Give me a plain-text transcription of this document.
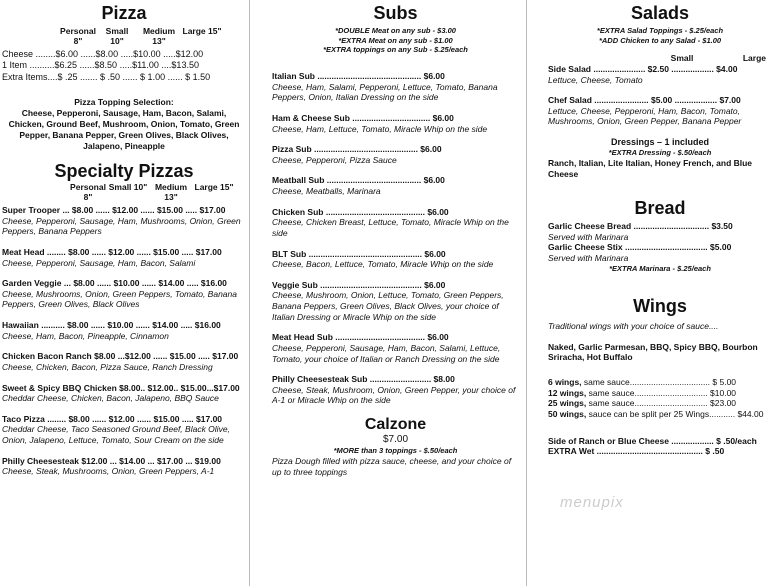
Pizza
Personal 8"
Small 10"
Medium 13"
Large 15"
Cheese ........$6.00 ......$8.00 .....$10.00 .....$12.00
1 Item ..........$6.25 ......$8.50 .....$11.00 ....$13.50
Extra Items....$ .25 ....... $ .50 ...... $ 1.00 ...... $ 1.50
Pizza Topping Selection:
Cheese, Pepperoni, Sausage, Ham, Bacon, Salami, Chicken, Ground Beef, Mushroom, Onion, Tomato, Green Pepper, Banana Pepper, Green Olives, Black Olives, Jalapeno, Pineapple
Specialty Pizzas
Personal 8"
Small 10" Medium 13"
Large 15"
Super Trooper ... $8.00 ...... $12.00 ...... $15.00 ..... $17.00
Cheese, Pepperoni, Sausage, Ham, Mushrooms, Onion, Green Peppers, Banana Peppers
Meat Head ........ $8.00 ...... $12.00 ...... $15.00 ..... $17.00
Cheese, Pepperoni, Sausage, Ham, Bacon, Salami
Garden Veggie ... $8.00 ...... $10.00 ...... $14.00 ..... $16.00
Cheese, Mushrooms, Onion, Green Peppers, Tomato, Banana Peppers, Green Olives, Black Olives
Hawaiian .......... $8.00 ...... $10.00 ...... $14.00 ..... $16.00
Cheese, Ham, Bacon, Pineapple, Cinnamon
Chicken Bacon Ranch $8.00 ...$12.00 ...... $15.00 ..... $17.00
Cheese, Chicken, Bacon, Pizza Sauce, Ranch Dressing
Sweet & Spicy BBQ Chicken $8.00.. $12.00.. $15.00...$17.00
Cheddar Cheese, Chicken, Bacon, Jalapeno, BBQ Sauce
Taco Pizza ........ $8.00 ...... $12.00 ...... $15.00 ..... $17.00
Cheddar Cheese, Taco Seasoned Ground Beef, Black Olive, Onion, Jalapeno, Lettuce, Tomato, Sour Cream on the side
Philly Cheesesteak $12.00 ... $14.00 ... $17.00 ... $19.00
Cheese, Steak, Mushrooms, Onion, Green Peppers, A-1
Subs
*DOUBLE Meat on any sub - $3.00
*EXTRA Meat on any sub - $1.00
*EXTRA toppings on any Sub - $.25/each
Italian Sub ............................................ $6.00
Cheese, Ham, Salami, Pepperoni, Lettuce, Tomato, Banana Peppers, Onion, Italian Dressing on the side
Ham & Cheese Sub ................................. $6.00
Cheese, Ham, Lettuce, Tomato, Miracle Whip on the side
Pizza Sub ............................................ $6.00
Cheese, Pepperoni, Pizza Sauce
Meatball Sub ........................................ $6.00
Cheese, Meatballs, Marinara
Chicken Sub .......................................... $6.00
Cheese, Chicken Breast, Lettuce, Tomato, Miracle Whip on the side
BLT Sub ................................................ $6.00
Cheese, Bacon, Lettuce, Tomato, Miracle Whip on the side
Veggie Sub ........................................... $6.00
Cheese, Mushroom, Onion, Lettuce, Tomato, Green Peppers, Banana Peppers, Green Olives, Black Olives, your choice of Italian Dressing or Miracle Whip on the side
Meat Head Sub ...................................... $6.00
Cheese, Pepperoni, Sausage, Ham, Bacon, Salami, Lettuce, Tomato, your choice of Italian or Ranch Dressing on the side
Philly Cheesesteak Sub .......................... $8.00
Cheese, Steak, Mushroom, Onion, Green Pepper, your choice of A-1 or Miracle Whip on the side
Calzone
$7.00
*MORE than 3 toppings - $.50/each
Pizza Dough filled with pizza sauce, cheese, and your choice of up to three toppings
Salads
*EXTRA Salad Toppings - $.25/each
*ADD Chicken to any Salad - $1.00
Small	Large
Side Salad ...................... $2.50 .................. $4.00
Lettuce, Cheese, Tomato
Chef Salad ....................... $5.00 .................. $7.00
Lettuce, Cheese, Pepperoni, Ham, Bacon, Tomato, Mushrooms, Onion, Green Pepper, Banana Pepper
Dressings – 1 included
*EXTRA Dressing - $.50/each
Ranch, Italian, Lite Italian, Honey French, and Blue Cheese
Bread
Garlic Cheese Bread ................................ $3.50
Served with Marinara
Garlic Cheese Stix ................................... $5.00
Served with Marinara
*EXTRA Marinara - $.25/each
Wings
Traditional wings with your choice of sauce....
Naked, Garlic Parmesan, BBQ, Spicy BBQ, Bourbon Sriracha, Hot Buffalo
6 wings, same sauce.................................. $ 5.00
12 wings, same sauce............................... $10.00
25 wings, same sauce............................... $23.00
50 wings, sauce can be split per 25 Wings........... $44.00
Side of Ranch or Blue Cheese .................. $ .50/each
EXTRA Wet ............................................. $ .50
menupix
